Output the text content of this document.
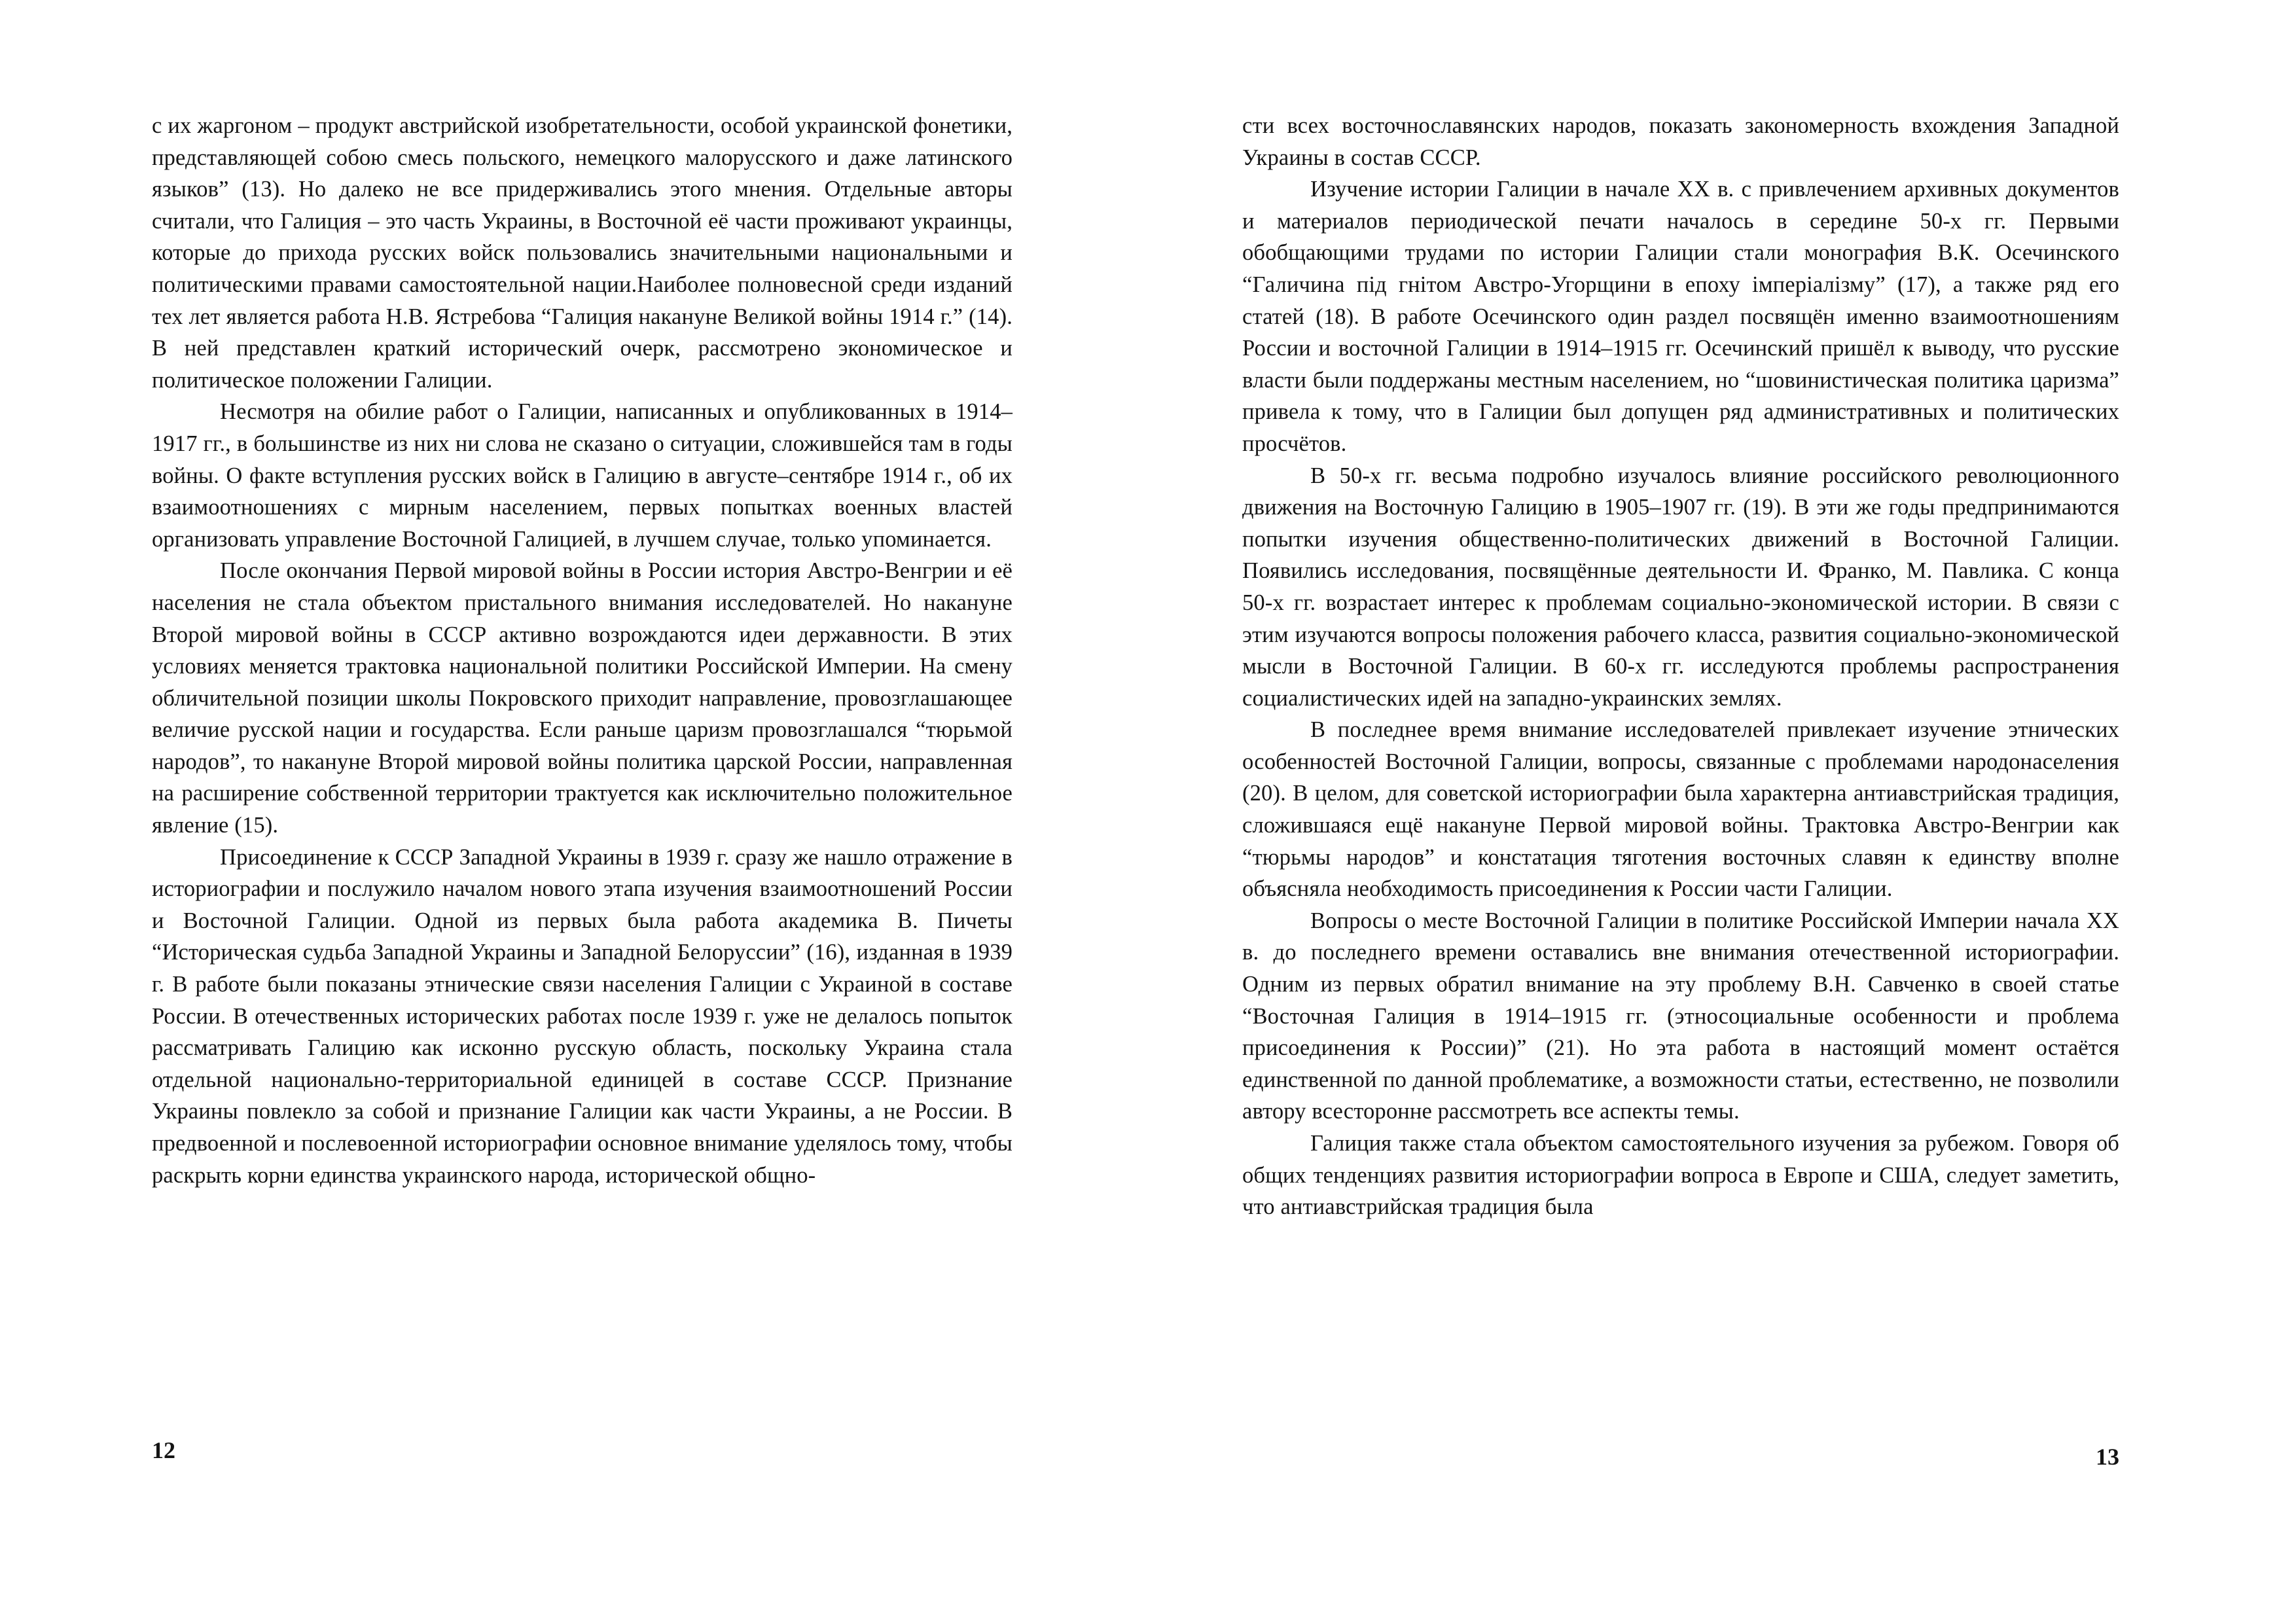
с их жаргоном – продукт австрийской изобретательности, особой украинской фонетики, представляющей собою смесь польского, немецкого малорусского и даже латинского языков” (13). Но далеко не все придерживались этого мнения. Отдельные авторы считали, что Галиция – это часть Украины, в Восточной её части проживают украинцы, которые до прихода русских войск пользовались значительными национальными и политическими правами самостоятельной нации.Наиболее полновесной среди изданий тех лет является работа Н.В. Ястребова “Галиция накануне Великой войны 1914 г.” (14). В ней представлен краткий исторический очерк, рассмотрено экономическое и политическое положении Галиции.

Несмотря на обилие работ о Галиции, написанных и опубликованных в 1914–1917 гг., в большинстве из них ни слова не сказано о ситуации, сложившейся там в годы войны. О факте вступления русских войск в Галицию в августе–сентябре 1914 г., об их взаимоотношениях с мирным населением, первых попытках военных властей организовать управление Восточной Галицией, в лучшем случае, только упоминается.

После окончания Первой мировой войны в России история Австро-Венгрии и её населения не стала объектом пристального внимания исследователей. Но накануне Второй мировой войны в СССР активно возрождаются идеи державности. В этих условиях меняется трактовка национальной политики Российской Империи. На смену обличительной позиции школы Покровского приходит направление, провозглашающее величие русской нации и государства. Если раньше царизм провозглашался “тюрьмой народов”, то накануне Второй мировой войны политика царской России, направленная на расширение собственной территории трактуется как исключительно положительное явление (15).

Присоединение к СССР Западной Украины в 1939 г. сразу же нашло отражение в историографии и послужило началом нового этапа изучения взаимоотношений России и Восточной Галиции. Одной из первых была работа академика В. Пичеты “Историческая судьба Западной Украины и Западной Белоруссии” (16), изданная в 1939 г. В работе были показаны этнические связи населения Галиции с Украиной в составе России. В отечественных исторических работах после 1939 г. уже не делалось попыток рассматривать Галицию как исконно русскую область, поскольку Украина стала отдельной национально-территориальной единицей в составе СССР. Признание Украины повлекло за собой и признание Галиции как части Украины, а не России. В предвоенной и послевоенной историографии основное внимание уделялось тому, чтобы раскрыть корни единства украинского народа, исторической общно-

12

сти всех восточнославянских народов, показать закономерность вхождения Западной Украины в состав СССР.

Изучение истории Галиции в начале XX в. с привлечением архивных документов и материалов периодической печати началось в середине 50-х гг. Первыми обобщающими трудами по истории Галиции стали монография В.К. Осечинского “Галичина під гнітом Австро-Угорщини в епоху імперіалізму” (17), а также ряд его статей (18). В работе Осечинского один раздел посвящён именно взаимоотношениям России и восточной Галиции в 1914–1915 гг. Осечинский пришёл к выводу, что русские власти были поддержаны местным населением, но “шовинистическая политика царизма” привела к тому, что в Галиции был допущен ряд административных и политических просчётов.

В 50-х гг. весьма подробно изучалось влияние российского революционного движения на Восточную Галицию в 1905–1907 гг. (19). В эти же годы предпринимаются попытки изучения общественно-политических движений в Восточной Галиции. Появились исследования, посвящённые деятельности И. Франко, М. Павлика. С конца 50-х гг. возрастает интерес к проблемам социально-экономической истории. В связи с этим изучаются вопросы положения рабочего класса, развития социально-экономической мысли в Восточной Галиции. В 60-х гг. исследуются проблемы распространения социалистических идей на западно-украинских землях.

В последнее время внимание исследователей привлекает изучение этнических особенностей Восточной Галиции, вопросы, связанные с проблемами народонаселения (20). В целом, для советской историографии была характерна антиавстрийская традиция, сложившаяся ещё накануне Первой мировой войны. Трактовка Австро-Венгрии как “тюрьмы народов” и констатация тяготения восточных славян к единству вполне объясняла необходимость присоединения к России части Галиции.

Вопросы о месте Восточной Галиции в политике Российской Империи начала XX в. до последнего времени оставались вне внимания отечественной историографии. Одним из первых обратил внимание на эту проблему В.Н. Савченко в своей статье “Восточная Галиция в 1914–1915 гг. (этносоциальные особенности и проблема присоединения к России)” (21). Но эта работа в настоящий момент остаётся единственной по данной проблематике, а возможности статьи, естественно, не позволили автору всесторонне рассмотреть все аспекты темы.

Галиция также стала объектом самостоятельного изучения за рубежом. Говоря об общих тенденциях развития историографии вопроса в Европе и США, следует заметить, что антиавстрийская традиция была

13
